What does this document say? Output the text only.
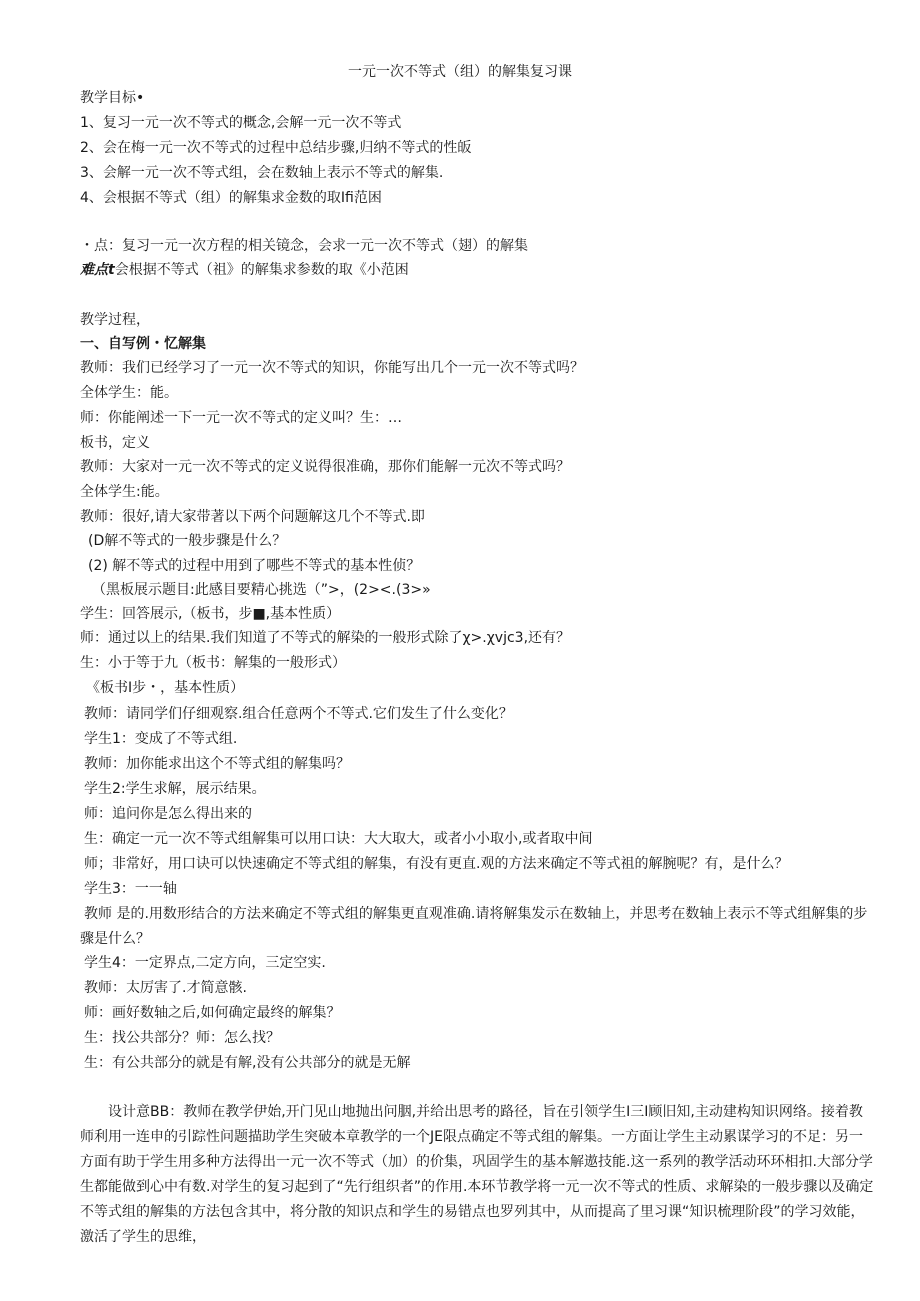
一元一次不等式（组）的解集复习课
教学目标•
1、复习一元一次不等式的概念,会解一元一次不等式
2、会在梅一元一次不等式的过程中总结步骤,归纳不等式的性皈
3、会解一元一次不等式组，会在数轴上表示不等式的解集.
4、会根据不等式（组）的解集求金数的取Ifi范困
・点：复习一元一次方程的相关镜念，会求一元一次不等式（翅）的解集
难点t会根据不等式（祖》的解集求参数的取《小范困
教学过程，
一、自写例・忆解集
教师：我们已经学习了一元一次不等式的知识，你能写出几个一元一次不等式吗？
全体学生：能。
师：你能阐述一下一元一次不等式的定义叫？生：…
板书，定义
教师：大家对一元一次不等式的定义说得很准确，那你们能解一元次不等式吗？
全体学生:能。
教师：很好,请大家带著以下两个问题解这几个不等式.即
(D解不等式的一般步骤是什么？
(2) 解不等式的过程中用到了哪些不等式的基本性侦？
（黑板展示题目:此感目要精心挑选（”>，(2><.(3>»
学生：回答展示,（板书，步■,基本性质）
师：通过以上的结果.我们知道了不等式的解染的一般形式除了χ>.χvjc3,还有？
生：小于等于九（板书：解集的一般形式）
《板书I步・，基本性质）
教师：请同学们仔细观察.组合任意两个不等式.它们发生了什么变化？
学生1：变成了不等式组.
教师：加你能求出这个不等式组的解集吗？
学生2:学生求解，展示结果。
师：追问你是怎么得出来的
生：确定一元一次不等式组解集可以用口诀：大大取大，或者小小取小,或者取中间
师；非常好，用口诀可以快速确定不等式组的解集，有没有更直.观的方法来确定不等式祖的解腕呢？有，是什么？
学生3：一一轴
教师 是的.用数形结合的方法来确定不等式组的解集更直观准确.请将解集发示在数轴上，并思考在数轴上表示不等式组解集的步骤是什么？
学生4：一定界点,二定方向，三定空实.
教师：太厉害了.才简意骸.
师：画好数轴之后,如何确定最终的解集？
生：找公共部分？师：怎么找？
生：有公共部分的就是有解,没有公共部分的就是无解
设计意BB：教师在教学伊始,开门见山地抛出问胭,并给出思考的路径，旨在引领学生I三I顾旧知,主动建构知识网络。接着教师利用一连申的引踪性问题描助学生突破本章教学的一个JE限点确定不等式组的解集。一方面让学生主动累谋学习的不足：另一方面有助于学生用多种方法得出一元一次不等式（加）的价集，巩固学生的基本解遨技能.这一系列的教学活动环环相扣.大部分学生都能做到心中有数.对学生的复习起到了“先行组织者”的作用.本环节教学将一元一次不等式的性质、求解染的一般步骤以及确定不等式组的解集的方法包含其中，将分散的知识点和学生的易错点也罗列其中，从而提高了里习课“知识梳理阶段”的学习效能，激活了学生的思维，
